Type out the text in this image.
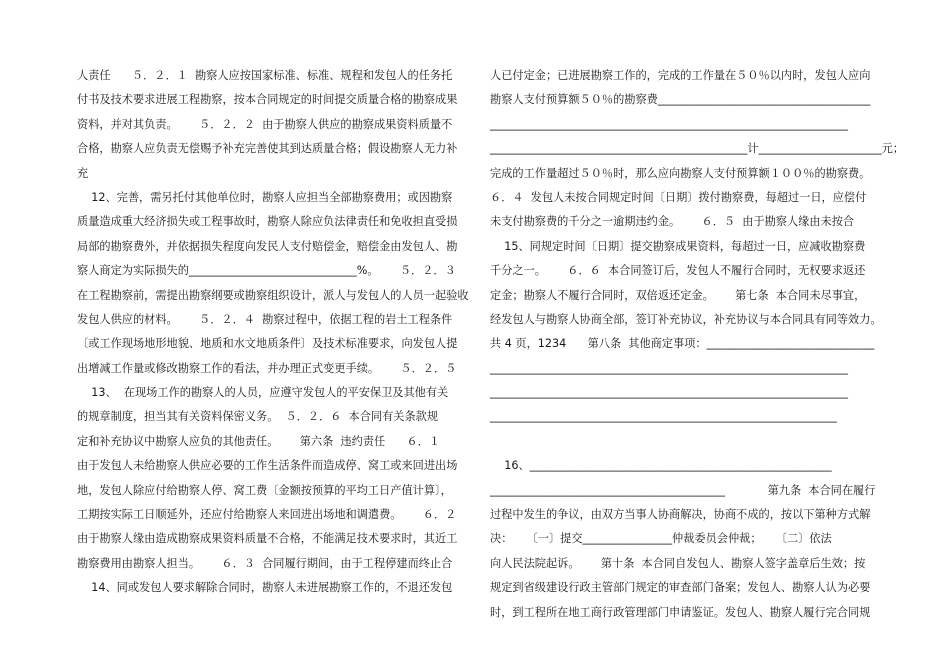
人责任      ５．２．１  勘察人应按国家标准、标准、规程和发包人的任务托
付书及技术要求进展工程勘察，按本合同规定的时间提交质量合格的勘察成果
资料，并对其负责。      ５．２．２  由于勘察人供应的勘察成果资料质量不
合格，勘察人应负责无偿赐予补充完善使其到达质量合格；假设勘察人无力补
充
12、完善，需另托付其他单位时，勘察人应担当全部勘察费用；或因勘察
质量造成重大经济损失或工程事故时，勘察人除应负法律责任和免收担直受损
局部的勘察费外，并依据损失程度向发民人支付赔偿金，赔偿金由发包人、勘
察人商定为实际损失的______________________________%。      ５．２．３
在工程勘察前，需提出勘察纲要或勘察组织设计，派人与发包人的人员一起验收
发包人供应的材料。      ５．２．４  勘察过程中，依据工程的岩土工程条件
〔或工作现场地形地貌、地质和水文地质条件〕及技术标准要求，向发包人提
出增减工作量或修改勘察工作的看法，并办理正式变更手续。      ５．２．５
13、  在现场工作的勘察人的人员，应遵守发包人的平安保卫及其他有关
的规章制度，担当其有关资料保密义务。  ５．２．６  本合同有关条款规
定和补充协议中勘察人应负的其他责任。      第六条  违约责任      ６．１
由于发包人未给勘察人供应必要的工作生活条件而造成停、窝工或来回进出场
地，发包人除应付给勘察人停、窝工费〔金额按预算的平均工日产值计算〕，
工期按实际工日顺延外，还应付给勘察人来回进出场地和调遣费。      ６．２
由于勘察人缘由造成勘察成果资料质量不合格，不能满足技术要求时，其近工
勘察费用由勘察人担当。      ６．３  合同履行期间，由于工程停建而终止合
14、同或发包人要求解除合同时，勘察人未进展勘察工作的，不退还发包
人已付定金；已进展勘察工作的，完成的工作量在５０％以内时，发包人应向
勘察人支付预算额５０％的勘察费______________________________________
________________________________________________________________
______________________________________________计______________________元；
完成的工作量超过５０％时，那么应向勘察人支付预算额１００％的勘察费。
６．４  发包人未按合同规定时间〔日期〕拨付勘察费，每超过一日，应偿付
未支付勘察费的千分之一逾期违约金。      ６．５  由于勘察人缘由未按合
15、同规定时间〔日期〕提交勘察成果资料，每超过一日，应减收勘察费
千分之一。      ６．６  本合同签订后，发包人不履行合同时，无权要求返还
定金；勘察人不履行合同时，双倍返还定金。      第七条  本合同未尽事宜，
经发包人与勘察人协商全部，签订补充协议，补充协议与本合同具有同等效力。
共 4 页，1234      第八条  其他商定事项：______________________________
________________________________________________________________
________________________________________________________________
______________________________________________________________
16、______________________________________________________
__________________________________________            第九条  本合同在履行
过程中发生的争议，由双方当事人协商解决，协商不成的，按以下第种方式解
决：    〔一〕提交________________仲裁委员会仲裁；    〔二〕依法
向人民法院起诉。      第十条  本合同自发包人、勘察人签字盖章后生效；按
规定到省级建设行政主管部门规定的审查部门备案；发包人、勘察人认为必要
时，到工程所在地工商行政管理部门申请鉴证。发包人、勘察人履行完合同规
